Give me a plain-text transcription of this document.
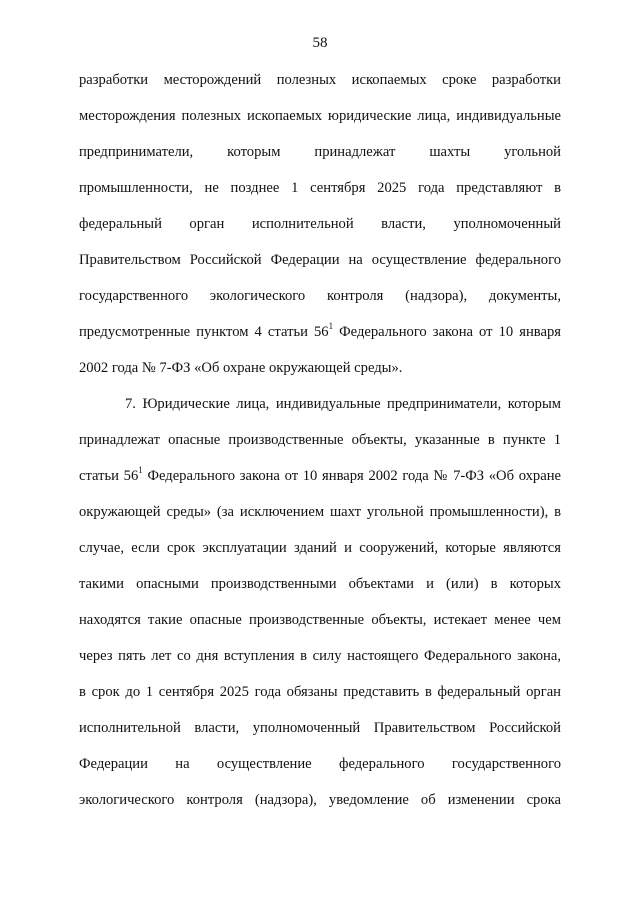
58
разработки месторождений полезных ископаемых сроке разработки
месторождения полезных ископаемых юридические лица, индивидуальные
предприниматели, которым принадлежат шахты угольной
промышленности, не позднее 1 сентября 2025 года представляют в
федеральный орган исполнительной власти, уполномоченный
Правительством Российской Федерации на осуществление федерального
государственного экологического контроля (надзора), документы,
предусмотренные пунктом 4 статьи $56^1$ Федерального закона от 10 января
2002 года № 7-ФЗ «Об охране окружающей среды».
7. Юридические лица, индивидуальные предприниматели, которым
принадлежат опасные производственные объекты, указанные в пункте 1
статьи $56^1$ Федерального закона от 10 января 2002 года № 7-ФЗ «Об охране
окружающей среды» (за исключением шахт угольной промышленности), в
случае, если срок эксплуатации зданий и сооружений, которые являются
такими опасными производственными объектами и (или) в которых
находятся такие опасные производственные объекты, истекает менее чем
через пять лет со дня вступления в силу настоящего Федерального закона,
в срок до 1 сентября 2025 года обязаны представить в федеральный орган
исполнительной власти, уполномоченный Правительством Российской
Федерации на осуществление федерального государственного
экологического контроля (надзора), уведомление об изменении срока
